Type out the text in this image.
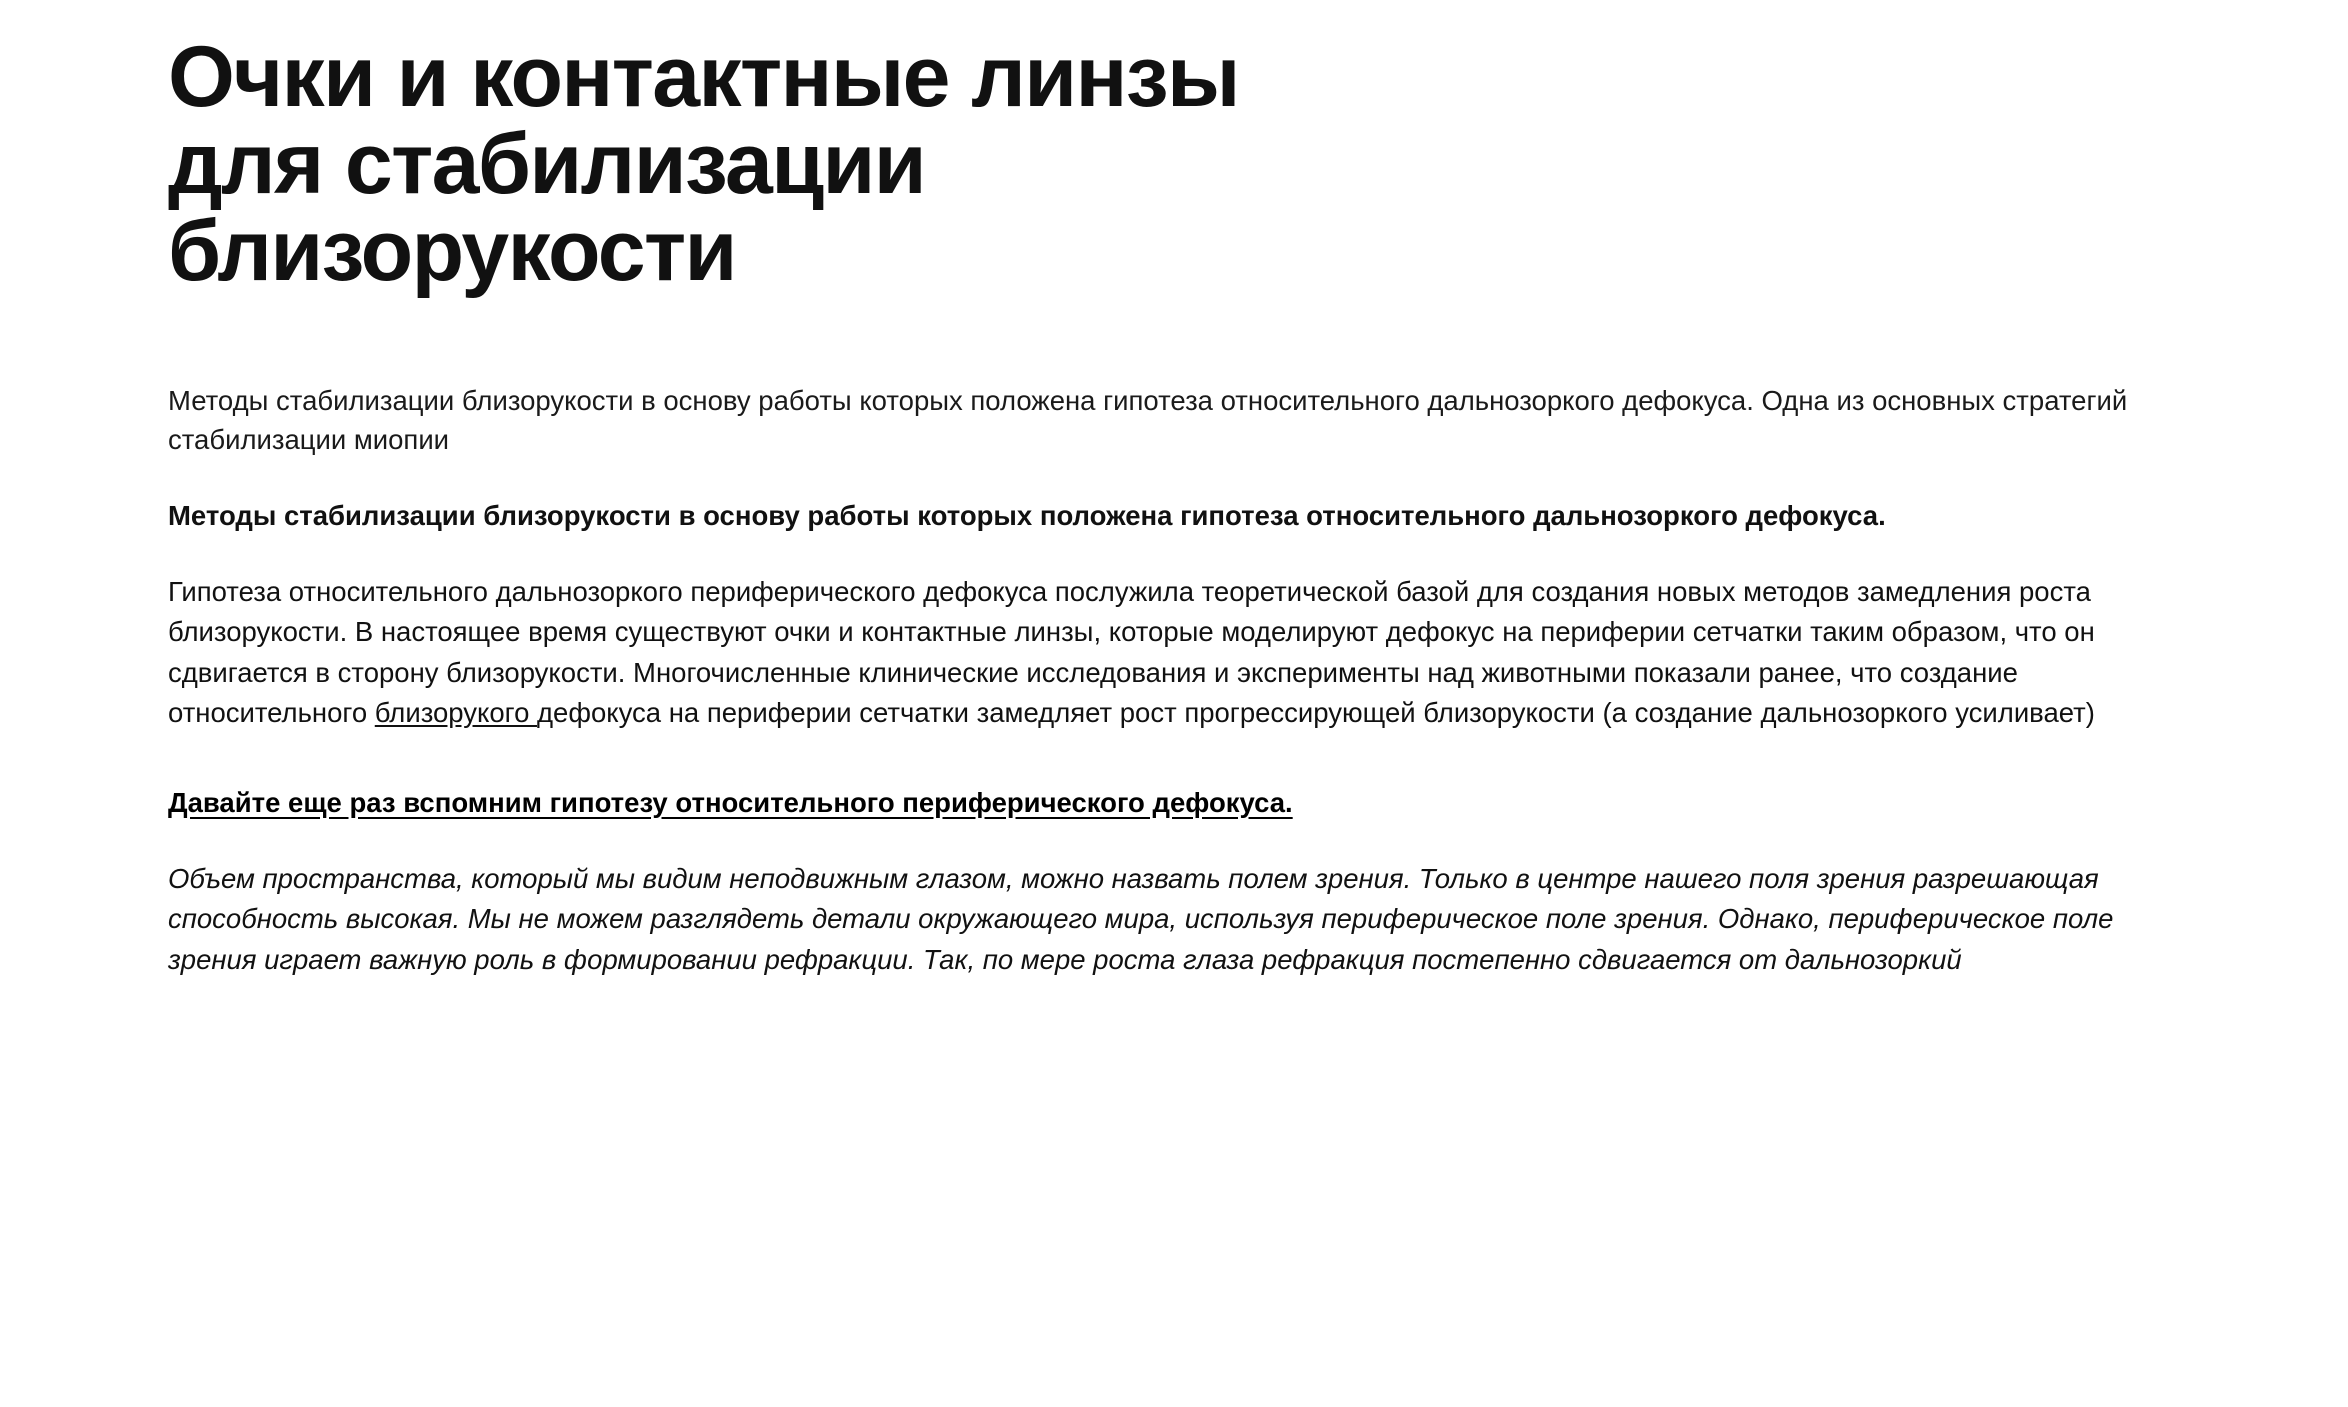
Очки и контактные линзы
для стабилизации
близорукости

Методы стабилизации близорукости в основу работы которых положена гипотеза относительного дальнозоркого дефокуса. Одна из основных стратегий стабилизации миопии

Методы стабилизации близорукости в основу работы которых положена гипотеза относительного дальнозоркого дефокуса.

Гипотеза относительного дальнозоркого периферического дефокуса послужила теоретической базой для создания новых методов замедления роста близорукости. В настоящее время существуют очки и контактные линзы, которые моделируют дефокус на периферии сетчатки таким образом, что он сдвигается в сторону близорукости. Многочисленные клинические исследования и эксперименты над животными показали ранее, что создание относительного близорукого дефокуса на периферии сетчатки замедляет рост прогрессирующей близорукости (а создание дальнозоркого усиливает)

Давайте еще раз вспомним гипотезу относительного периферического дефокуса.

Объем пространства, который мы видим неподвижным глазом, можно назвать полем зрения. Только в центре нашего поля зрения разрешающая способность высокая. Мы не можем разглядеть детали окружающего мира, используя периферическое поле зрения. Однако, периферическое поле зрения играет важную роль в формировании рефракции. Так, по мере роста глаза рефракция постепенно сдвигается от дальнозоркий
